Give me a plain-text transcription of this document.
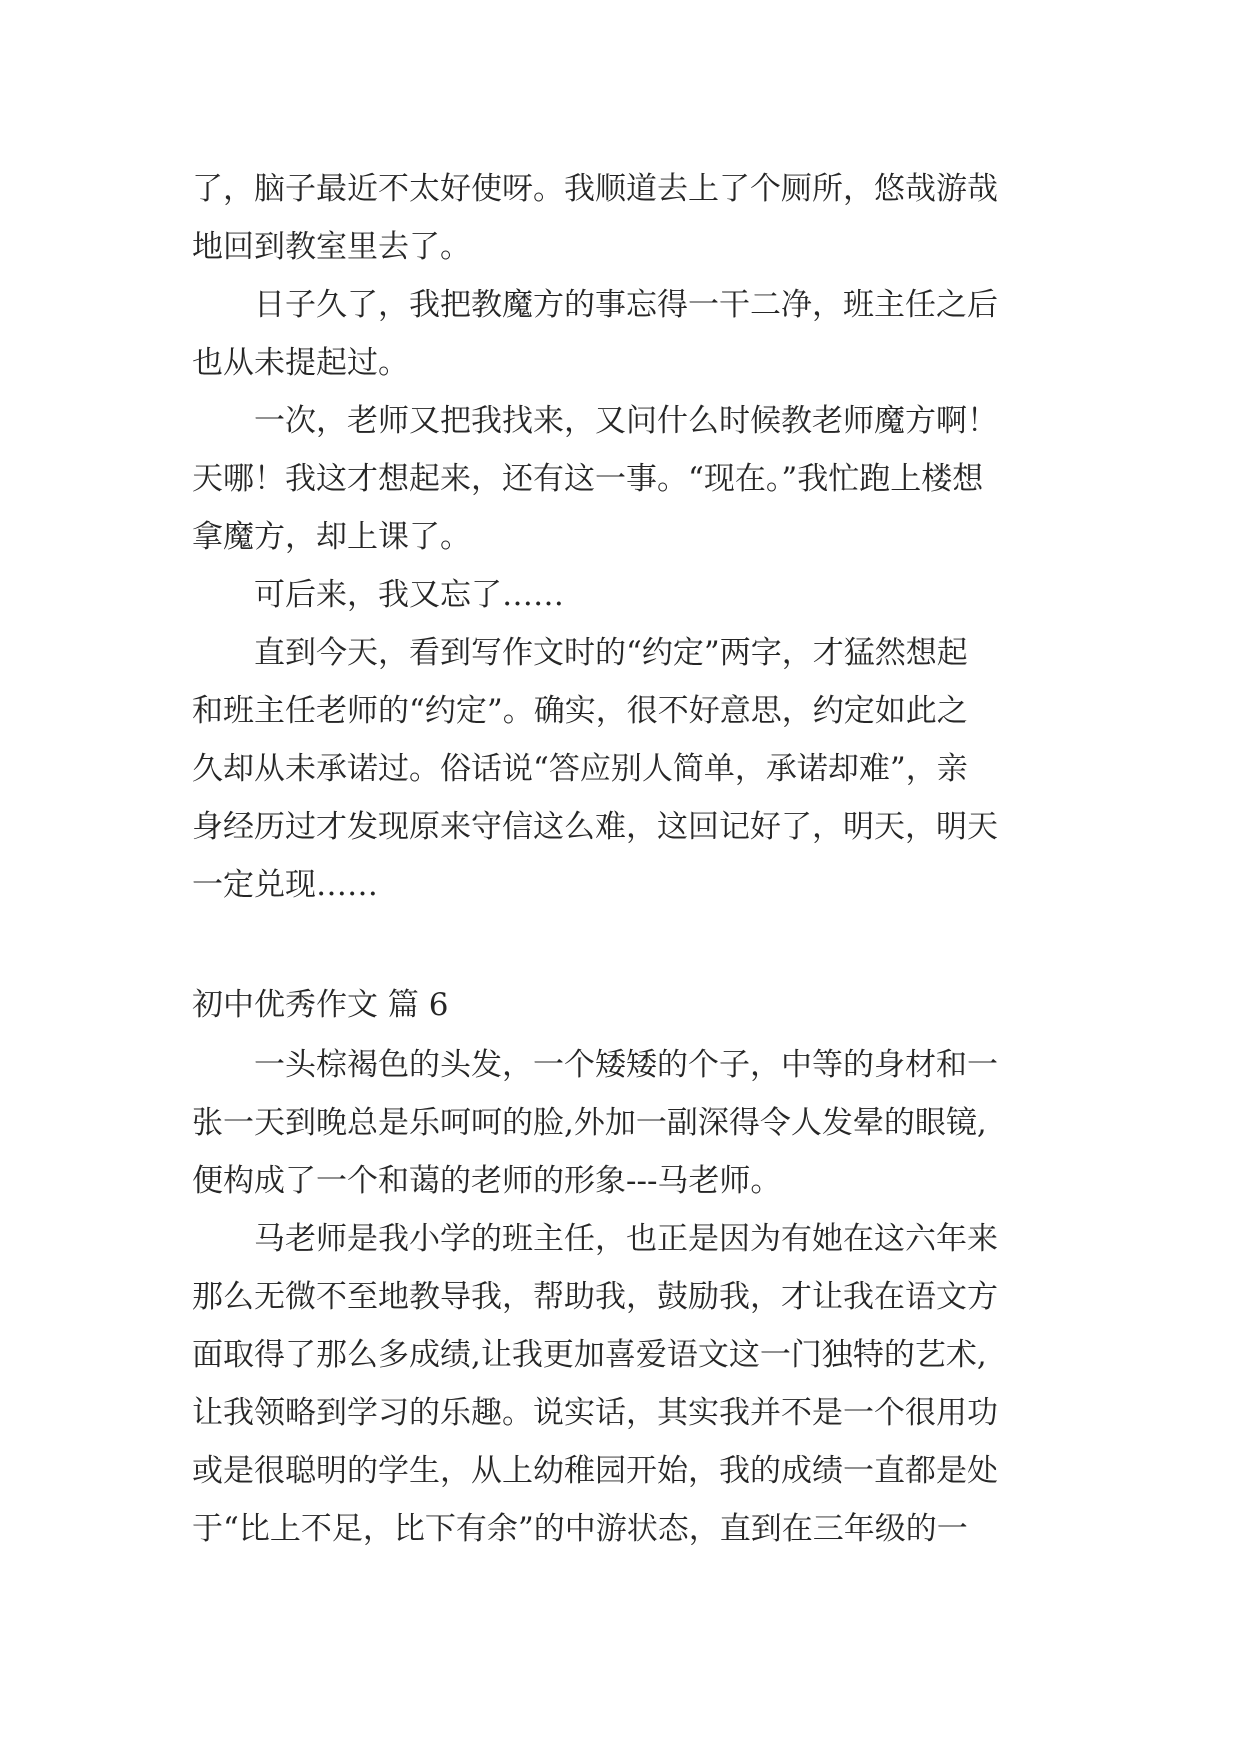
了，脑子最近不太好使呀。我顺道去上了个厕所，悠哉游哉
地回到教室里去了。
日子久了，我把教魔方的事忘得一干二净，班主任之后
也从未提起过。
一次，老师又把我找来，又问什么时候教老师魔方啊！
天哪！我这才想起来，还有这一事。“现在。”我忙跑上楼想
拿魔方，却上课了。
可后来，我又忘了……
直到今天，看到写作文时的“约定”两字，才猛然想起
和班主任老师的“约定”。确实，很不好意思，约定如此之
久却从未承诺过。俗话说“答应别人简单，承诺却难”，亲
身经历过才发现原来守信这么难，这回记好了，明天，明天
一定兑现……
初中优秀作文 篇 6
一头棕褐色的头发，一个矮矮的个子，中等的身材和一
张一天到晚总是乐呵呵的脸,外加一副深得令人发晕的眼镜,
便构成了一个和蔼的老师的形象---马老师。
马老师是我小学的班主任，也正是因为有她在这六年来
那么无微不至地教导我，帮助我，鼓励我，才让我在语文方
面取得了那么多成绩,让我更加喜爱语文这一门独特的艺术,
让我领略到学习的乐趣。说实话，其实我并不是一个很用功
或是很聪明的学生，从上幼稚园开始，我的成绩一直都是处
于“比上不足，比下有余”的中游状态，直到在三年级的一
